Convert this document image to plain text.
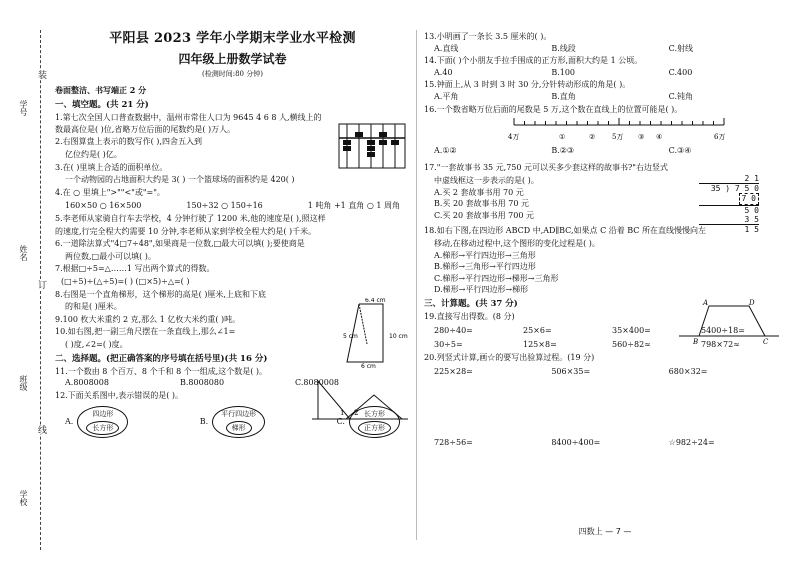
学号
姓名
班级
学校
装
订
线
平阳县 2023 学年小学期末学业水平检测
四年级上册数学试卷
(检测时间:80 分钟)
卷面整洁、书写端正 2 分
一、填空题。(共 21 分)
1.第七次全国人口普查数据中，温州市常住人口为 9645 4 6 8 人,横线上的数最高位是( )位,省略万位后面的尾数约是( )万人。
2.右图算盘上表示的数写作( ),四舍五入到
亿位约是( )亿。
3.在( )里填上合适的面积单位。
一个动物园的占地面积大约是 3( ) 一个篮球场的面积约是 420( )
4.在 ○ 里填上">""<"或"="。
160×50 ○ 16×500	150÷32 ○ 150÷16	1 吨角 +1 直角 ○ 1 周角
5.李老师从家骑自行车去学校，4 分钟行驶了 1200 米,他的速度是( ),照这样
的速度,行完全程大约需要 10 分钟,李老师从家到学校全程大约是( )千米。
6.一道除法算式"4□7÷48",如果商是一位数,□最大可以填( );要使商是
两位数,□最小可以填( )。
7.根据□÷5=△……1 写出两个算式的得数。
(□÷5)÷(△÷5)=( ) (□×5)÷△=( )
8.右图是一个直角梯形，这个梯形的高是( )厘米,上底和下底
的和是( )厘米。
9.100 枚大米重约 2 克,那么 1 亿枚大米约重( )吨。
10.如右图,把一副三角尺摆在一条直线上,那么∠1=
( )度,∠2=( )度。
二、选择题。(把正确答案的序号填在括号里)(共 16 分)
11.一个数由 8 个百万、8 个千和 8 个一组成,这个数是( )。
A.8008008	B.8008080	C.8080008
12.下面关系图中,表示错误的是( )。
A.
四边形
长方形
B.
平行四边形
梯形
C.
长方形
正方形
6.4 cm
10 cm
6 cm
5 cm
1 2
13.小明画了一条长 3.5 厘米的( )。
A.直线	B.线段	C.射线
14.下面( )个小朋友手拉手围成的正方形,面积大约是 1 公顷。
A.40	B.100	C.400
15.钟面上,从 3 时到 3 时 30 分,分针转动形成的角是( )。
A.平角	B.直角	C.钝角
16.一个数省略万位后面的尾数是 5 万,这个数在直线上的位置可能是( )。
4万	5万	6万
①	②	③ ④
A.①②	B.②③	C.③④
17."一套故事书 35 元,750 元可以买多少套这样的故事书?"右边竖式
中虚线框这一步表示的是( )。
A.买 2 套故事书用 70 元
B.买 20 套故事书用 70 元
C.买 20 套故事书用 700 元
2 1
35 ) 7 5 0
7 0
5 0
3 5
1 5
18.如右下图,在四边形 ABCD 中,AD∥BC,如果点 C 沿着 BC 所在直线慢慢向左
移动,在移动过程中,这个图形的变化过程是( )。
A.梯形→平行四边形→三角形
B.梯形→三角形→平行四边形
C.梯形→平行四边形→梯形→三角形
D.梯形→平行四边形→梯形
A	D
B	C
三、计算题。(共 37 分)
19.直接写出得数。(8 分)
280÷40=	25×6=	35×400=	5400÷18=
30÷5=	125×8=	560÷82≈	798×72≈
20.列竖式计算,画☆的要写出验算过程。(19 分)
225×28=	506×35=	680×32=
728÷56=	8400÷400=	☆982÷24=
四数上 — 7 —
